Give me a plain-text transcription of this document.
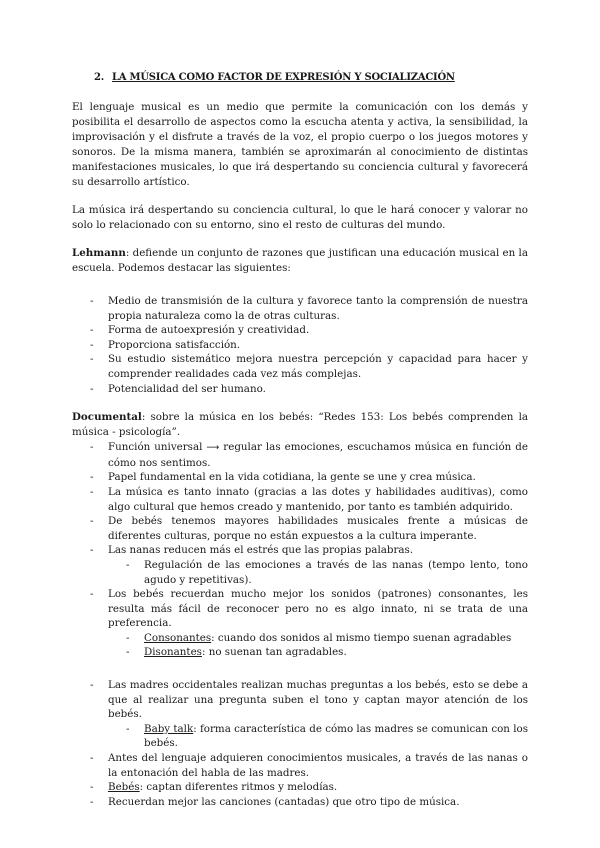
2. LA MÚSICA COMO FACTOR DE EXPRESIÓN Y SOCIALIZACIÓN

El lenguaje musical es un medio que permite la comunicación con los demás y posibilita el desarrollo de aspectos como la escucha atenta y activa, la sensibilidad, la improvisación y el disfrute a través de la voz, el propio cuerpo o los juegos motores y sonoros. De la misma manera, también se aproximarán al conocimiento de distintas manifestaciones musicales, lo que irá despertando su conciencia cultural y favorecerá su desarrollo artístico.

La música irá despertando su conciencia cultural, lo que le hará conocer y valorar no solo lo relacionado con su entorno, sino el resto de culturas del mundo.

Lehmann: defiende un conjunto de razones que justifican una educación musical en la escuela. Podemos destacar las siguientes:

- Medio de transmisión de la cultura y favorece tanto la comprensión de nuestra propia naturaleza como la de otras culturas.
- Forma de autoexpresión y creatividad.
- Proporciona satisfacción.
- Su estudio sistemático mejora nuestra percepción y capacidad para hacer y comprender realidades cada vez más complejas.
- Potencialidad del ser humano.

Documental: sobre la música en los bebés: “Redes 153: Los bebés comprenden la música - psicología”.

- Función universal ⟶ regular las emociones, escuchamos música en función de cómo nos sentimos.
- Papel fundamental en la vida cotidiana, la gente se une y crea música.
- La música es tanto innato (gracias a las dotes y habilidades auditivas), como algo cultural que hemos creado y mantenido, por tanto es también adquirido.
- De bebés tenemos mayores habilidades musicales frente a músicas de diferentes culturas, porque no están expuestos a la cultura imperante.
- Las nanas reducen más el estrés que las propias palabras.
- Regulación de las emociones a través de las nanas (tempo lento, tono agudo y repetitivas).
- Los bebés recuerdan mucho mejor los sonidos (patrones) consonantes, les resulta más fácil de reconocer pero no es algo innato, ni se trata de una preferencia.
- Consonantes: cuando dos sonidos al mismo tiempo suenan agradables
- Disonantes: no suenan tan agradables.
- Las madres occidentales realizan muchas preguntas a los bebés, esto se debe a que al realizar una pregunta suben el tono y captan mayor atención de los bebés.
- Baby talk: forma característica de cómo las madres se comunican con los bebés.
- Antes del lenguaje adquieren conocimientos musicales, a través de las nanas o la entonación del habla de las madres.
- Bebés: captan diferentes ritmos y melodías.
- Recuerdan mejor las canciones (cantadas) que otro tipo de música.
